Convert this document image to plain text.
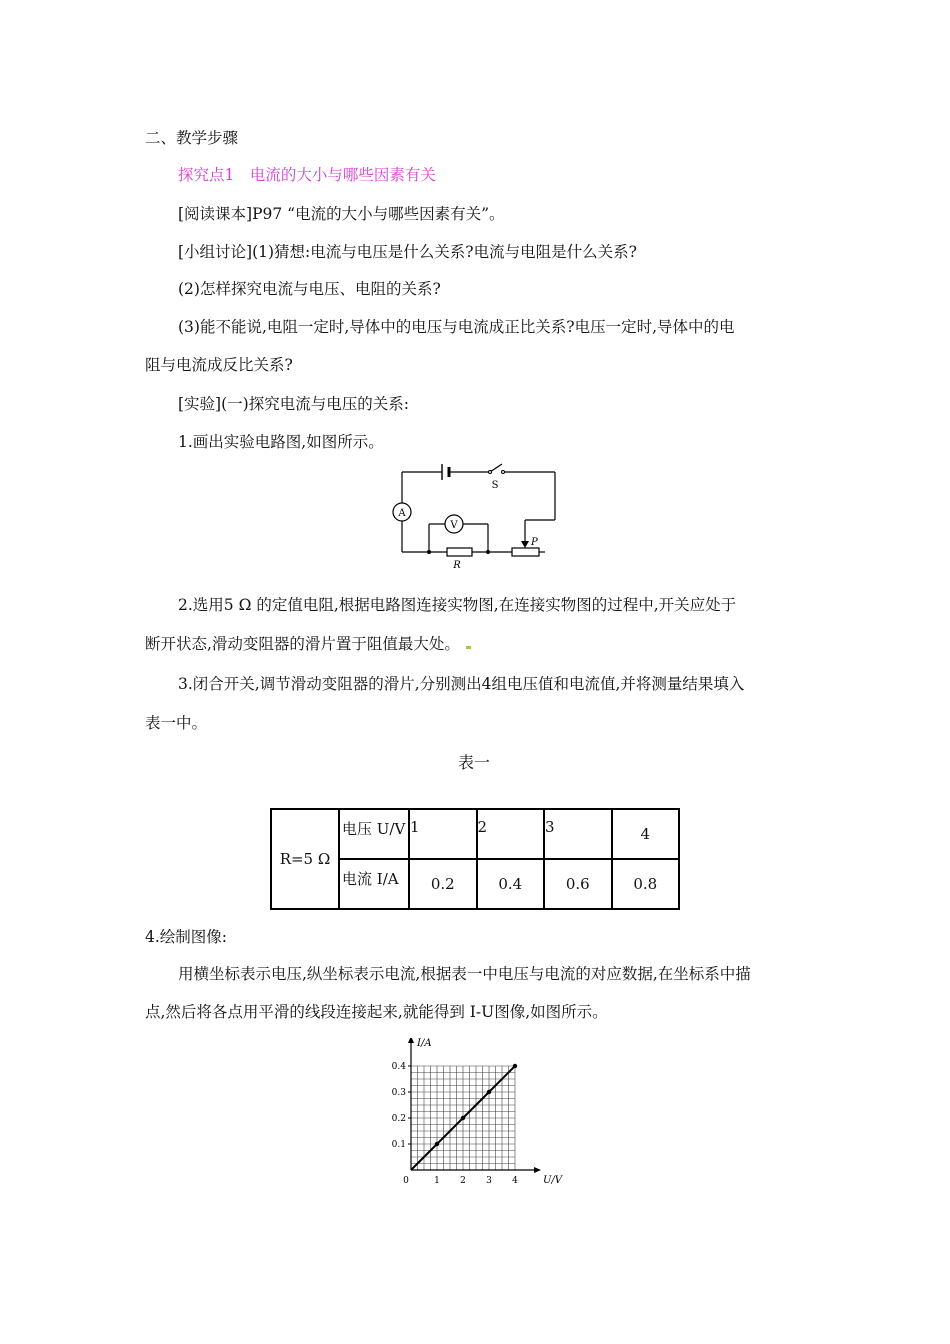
二、教学步骤
探究点1　电流的大小与哪些因素有关
[阅读课本]P97 “电流的大小与哪些因素有关”。
[小组讨论](1)猜想:电流与电压是什么关系?电流与电阻是什么关系?
(2)怎样探究电流与电压、电阻的关系?
(3)能不能说,电阻一定时,导体中的电压与电流成正比关系?电压一定时,导体中的电
阻与电流成反比关系?
[实验](一)探究电流与电压的关系:
1.画出实验电路图,如图所示。
S
A
V
R
P
2.选用5 Ω 的定值电阻,根据电路图连接实物图,在连接实物图的过程中,开关应处于
断开状态,滑动变阻器的滑片置于阻值最大处。
3.闭合开关,调节滑动变阻器的滑片,分别测出4组电压值和电流值,并将测量结果填入
表一中。
表一
R=5 Ω	电压 U/V	1	2	3	4
	电流 I/A	0.2	0.4	0.6	0.8
4.绘制图像:
用横坐标表示电压,纵坐标表示电流,根据表一中电压与电流的对应数据,在坐标系中描
点,然后将各点用平滑的线段连接起来,就能得到 I-U图像,如图所示。
0	1 2 3 4
0.1
0.2
0.3
0.4
U/V
I/A
